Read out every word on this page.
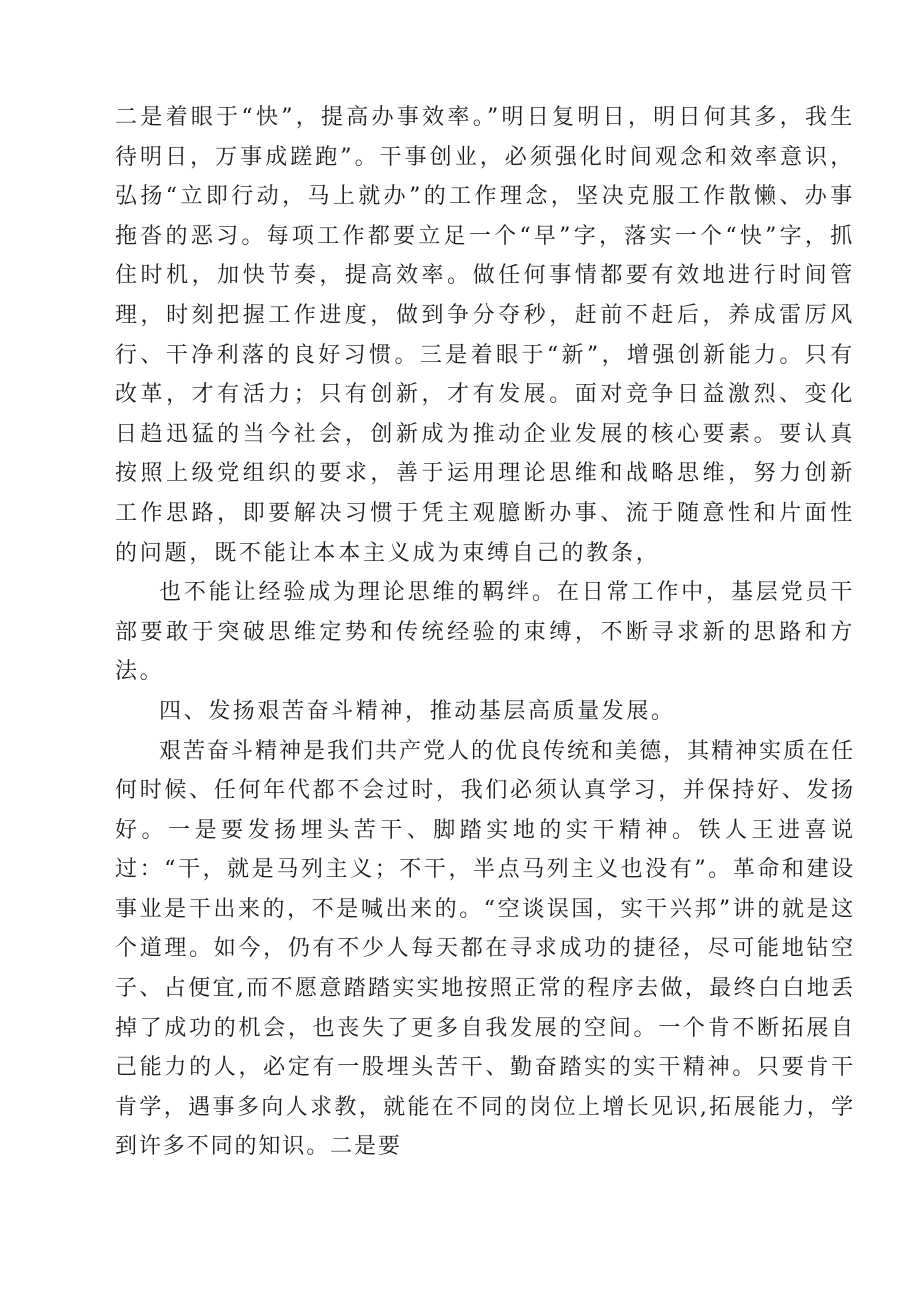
二是着眼于“快”，提高办事效率。”明日复明日，明日何其多，我生待明日，万事成蹉跑”。干事创业，必须强化时间观念和效率意识，弘扬“立即行动，马上就办”的工作理念，坚决克服工作散懒、办事拖沓的恶习。每项工作都要立足一个“早”字，落实一个“快”字，抓住时机，加快节奏，提高效率。做任何事情都要有效地进行时间管理，时刻把握工作进度，做到争分夺秒，赶前不赶后，养成雷厉风行、干净利落的良好习惯。三是着眼于“新”，增强创新能力。只有改革，才有活力；只有创新，才有发展。面对竞争日益激烈、变化日趋迅猛的当今社会，创新成为推动企业发展的核心要素。要认真按照上级党组织的要求，善于运用理论思维和战略思维，努力创新工作思路，即要解决习惯于凭主观臆断办事、流于随意性和片面性的问题，既不能让本本主义成为束缚自己的教条，

也不能让经验成为理论思维的羁绊。在日常工作中，基层党员干部要敢于突破思维定势和传统经验的束缚，不断寻求新的思路和方法。

四、发扬艰苦奋斗精神，推动基层高质量发展。

艰苦奋斗精神是我们共产党人的优良传统和美德，其精神实质在任何时候、任何年代都不会过时，我们必须认真学习，并保持好、发扬好。一是要发扬埋头苦干、脚踏实地的实干精神。铁人王进喜说过：“干，就是马列主义；不干，半点马列主义也没有”。革命和建设事业是干出来的，不是喊出来的。“空谈误国，实干兴邦”讲的就是这个道理。如今，仍有不少人每天都在寻求成功的捷径，尽可能地钻空子、占便宜,而不愿意踏踏实实地按照正常的程序去做，最终白白地丢掉了成功的机会，也丧失了更多自我发展的空间。一个肯不断拓展自己能力的人，必定有一股埋头苦干、勤奋踏实的实干精神。只要肯干肯学，遇事多向人求教，就能在不同的岗位上增长见识,拓展能力，学到许多不同的知识。二是要
